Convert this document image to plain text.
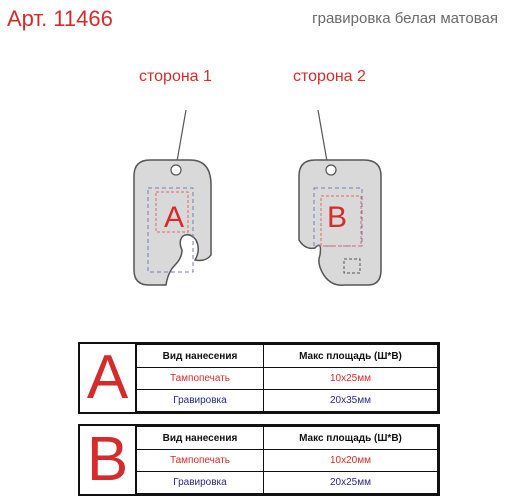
Арт. 11466	гравировка белая матовая
сторона 1	сторона 2
A	B
A	Вид нанесения	Макс площадь (Ш*В)
Тампопечать	10x25мм
Гравировка	20x35мм
B	Вид нанесения	Макс площадь (Ш*В)
Тампопечать	10x20мм
Гравировка	20x25мм
